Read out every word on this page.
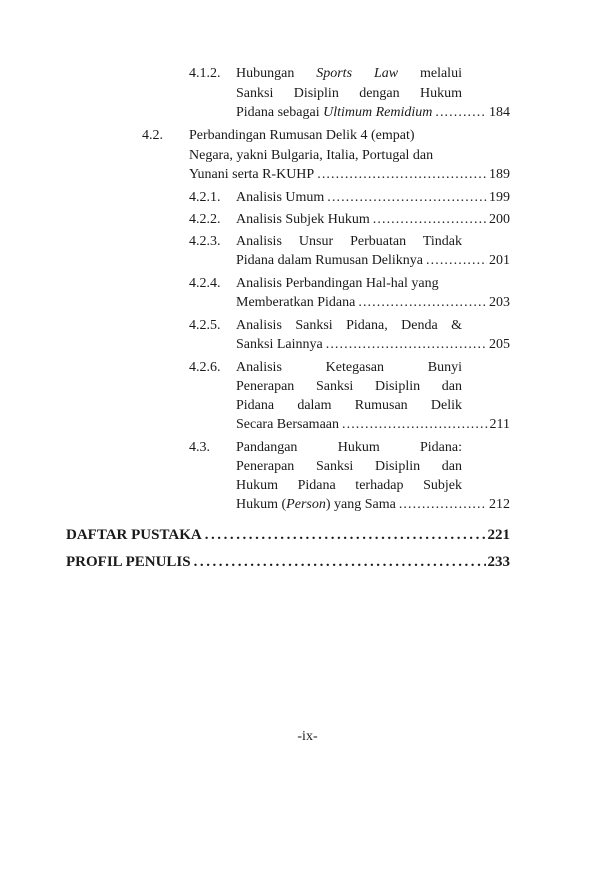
4.1.2. Hubungan Sports Law melalui
Sanksi Disiplin dengan Hukum
Pidana sebagai Ultimum Remidium . . .	184
4.2. Perbandingan Rumusan Delik 4 (empat)
Negara, yakni Bulgaria, Italia, Portugal dan
Yunani serta R-KUHP . . .	189
4.2.1. Analisis Umum . . .	199
4.2.2. Analisis Subjek Hukum . . .	200
4.2.3. Analisis Unsur Perbuatan Tindak
Pidana dalam Rumusan Deliknya . . .	201
4.2.4. Analisis Perbandingan Hal-hal yang
Memberatkan Pidana . . .	203
4.2.5. Analisis Sanksi Pidana, Denda &
Sanksi Lainnya . . .	205
4.2.6. Analisis Ketegasan Bunyi
Penerapan Sanksi Disiplin dan
Pidana dalam Rumusan Delik
Secara Bersamaan . . .	211
4.3. Pandangan Hukum Pidana:
Penerapan Sanksi Disiplin dan
Hukum Pidana terhadap Subjek
Hukum (Person) yang Sama . . .	212
DAFTAR PUSTAKA . . .	221
PROFIL PENULIS . . .	233
-ix-
